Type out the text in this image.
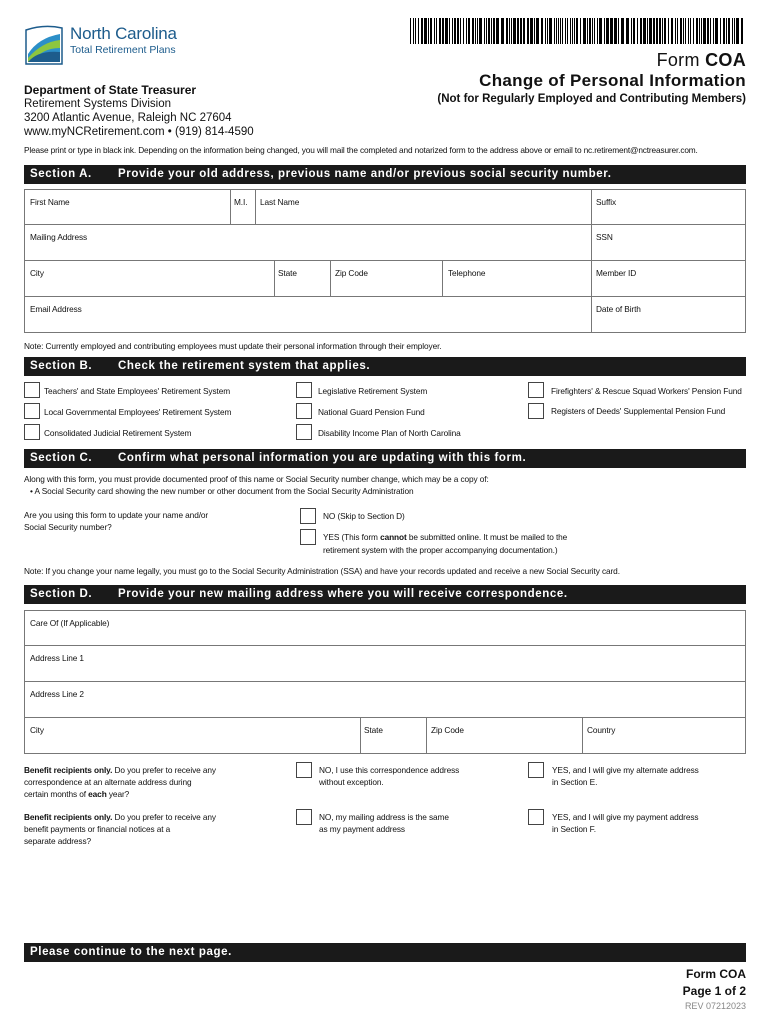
North Carolina
Total Retirement Plans	Form COA
Change of Personal Information
(Not for Regularly Employed and Contributing Members)
Department of State Treasurer
Retirement Systems Division
3200 Atlantic Avenue, Raleigh NC 27604
www.myNCRetirement.com • (919) 814-4590
Please print or type in black ink. Depending on the information being changed, you will mail the completed and notarized form to the address above or email to nc.retirement@nctreasurer.com.
Section A. Provide your old address, previous name and/or previous social security number.
First Name	M.I. Last Name	Suffix
Mailing Address	SSN
City	State	Zip Code	Telephone	Member ID
Email Address	Date of Birth
Note: Currently employed and contributing employees must update their personal information through their employer.
Section B. Check the retirement system that applies.
Teachers' and State Employees' Retirement System	Legislative Retirement System	Firefighters' & Rescue Squad Workers' Pension Fund
Local Governmental Employees' Retirement System	National Guard Pension Fund	Registers of Deeds' Supplemental Pension Fund
Consolidated Judicial Retirement System	Disability Income Plan of North Carolina
Section C. Confirm what personal information you are updating with this form.
Along with this form, you must provide documented proof of this name or Social Security number change, which may be a copy of:
• A Social Security card showing the new number or other document from the Social Security Administration
Are you using this form to update your name and/or
Social Security number?
NO (Skip to Section D)
YES (This form cannot be submitted online. It must be mailed to the
retirement system with the proper accompanying documentation.)
Note: If you change your name legally, you must go to the Social Security Administration (SSA) and have your records updated and receive a new Social Security card.
Section D. Provide your new mailing address where you will receive correspondence.
Care Of (If Applicable)
Address Line 1
Address Line 2
City	State	Zip Code	Country
Benefit recipients only. Do you prefer to receive any
correspondence at an alternate address during
certain months of each year?
NO, I use this correspondence address
without exception.
YES, and I will give my alternate address
in Section E.
Benefit recipients only. Do you prefer to receive any
benefit payments or financial notices at a
separate address?
NO, my mailing address is the same
as my payment address
YES, and I will give my payment address
in Section F.
Please continue to the next page.
Form COA
Page 1 of 2
REV 07212023
